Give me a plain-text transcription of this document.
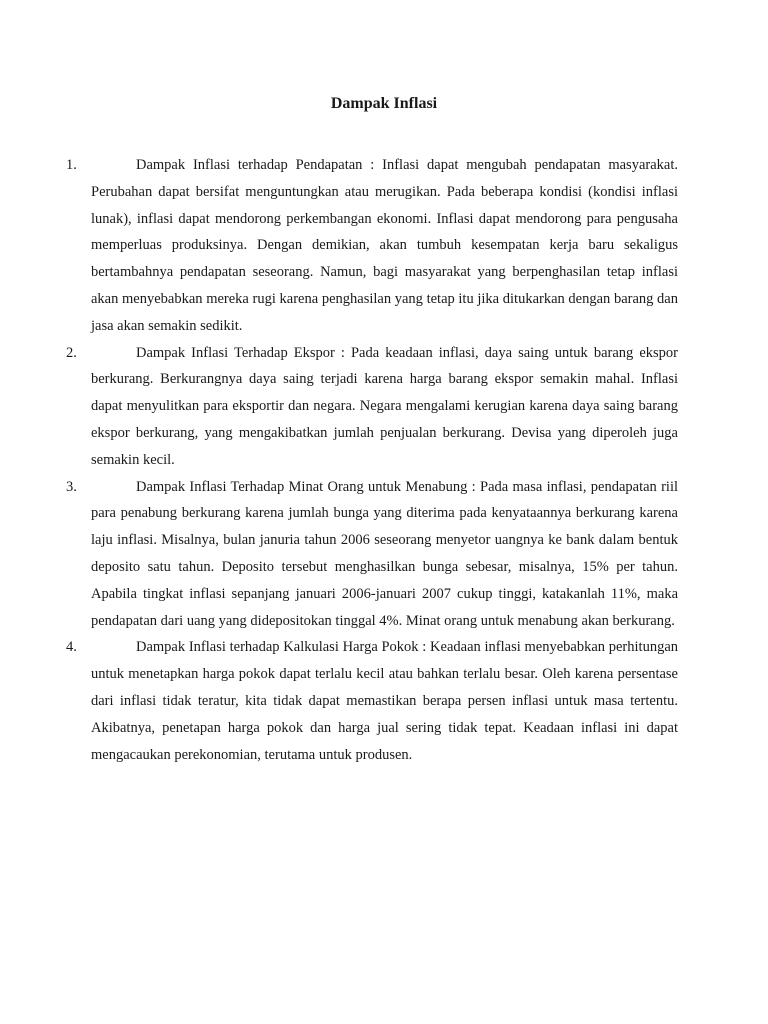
Dampak Inflasi
1.	Dampak Inflasi terhadap Pendapatan : Inflasi dapat mengubah pendapatan masyarakat. Perubahan dapat bersifat menguntungkan atau merugikan. Pada beberapa kondisi (kondisi inflasi lunak), inflasi dapat mendorong perkembangan ekonomi. Inflasi dapat mendorong para pengusaha memperluas produksinya. Dengan demikian, akan tumbuh kesempatan kerja baru sekaligus bertambahnya pendapatan seseorang. Namun, bagi masyarakat yang berpenghasilan tetap inflasi akan menyebabkan mereka rugi karena penghasilan yang tetap itu jika ditukarkan dengan barang dan jasa akan semakin sedikit.
2.	Dampak Inflasi Terhadap Ekspor : Pada keadaan inflasi, daya saing untuk barang ekspor berkurang. Berkurangnya daya saing terjadi karena harga barang ekspor semakin mahal. Inflasi dapat menyulitkan para eksportir dan negara. Negara mengalami kerugian karena daya saing barang ekspor berkurang, yang mengakibatkan jumlah penjualan berkurang. Devisa yang diperoleh juga semakin kecil.
3.	Dampak Inflasi Terhadap Minat Orang untuk Menabung : Pada masa inflasi, pendapatan riil para penabung berkurang karena jumlah bunga yang diterima pada kenyataannya berkurang karena laju inflasi. Misalnya, bulan januria tahun 2006 seseorang menyetor uangnya ke bank dalam bentuk deposito satu tahun. Deposito tersebut menghasilkan bunga sebesar, misalnya, 15% per tahun. Apabila tingkat inflasi sepanjang januari 2006-januari 2007 cukup tinggi, katakanlah 11%, maka pendapatan dari uang yang didepositokan tinggal 4%. Minat orang untuk menabung akan berkurang.
4.	Dampak Inflasi terhadap Kalkulasi Harga Pokok : Keadaan inflasi menyebabkan perhitungan untuk menetapkan harga pokok dapat terlalu kecil atau bahkan terlalu besar. Oleh karena persentase dari inflasi tidak teratur, kita tidak dapat memastikan berapa persen inflasi untuk masa tertentu. Akibatnya, penetapan harga pokok dan harga jual sering tidak tepat. Keadaan inflasi ini dapat mengacaukan perekonomian, terutama untuk produsen.
